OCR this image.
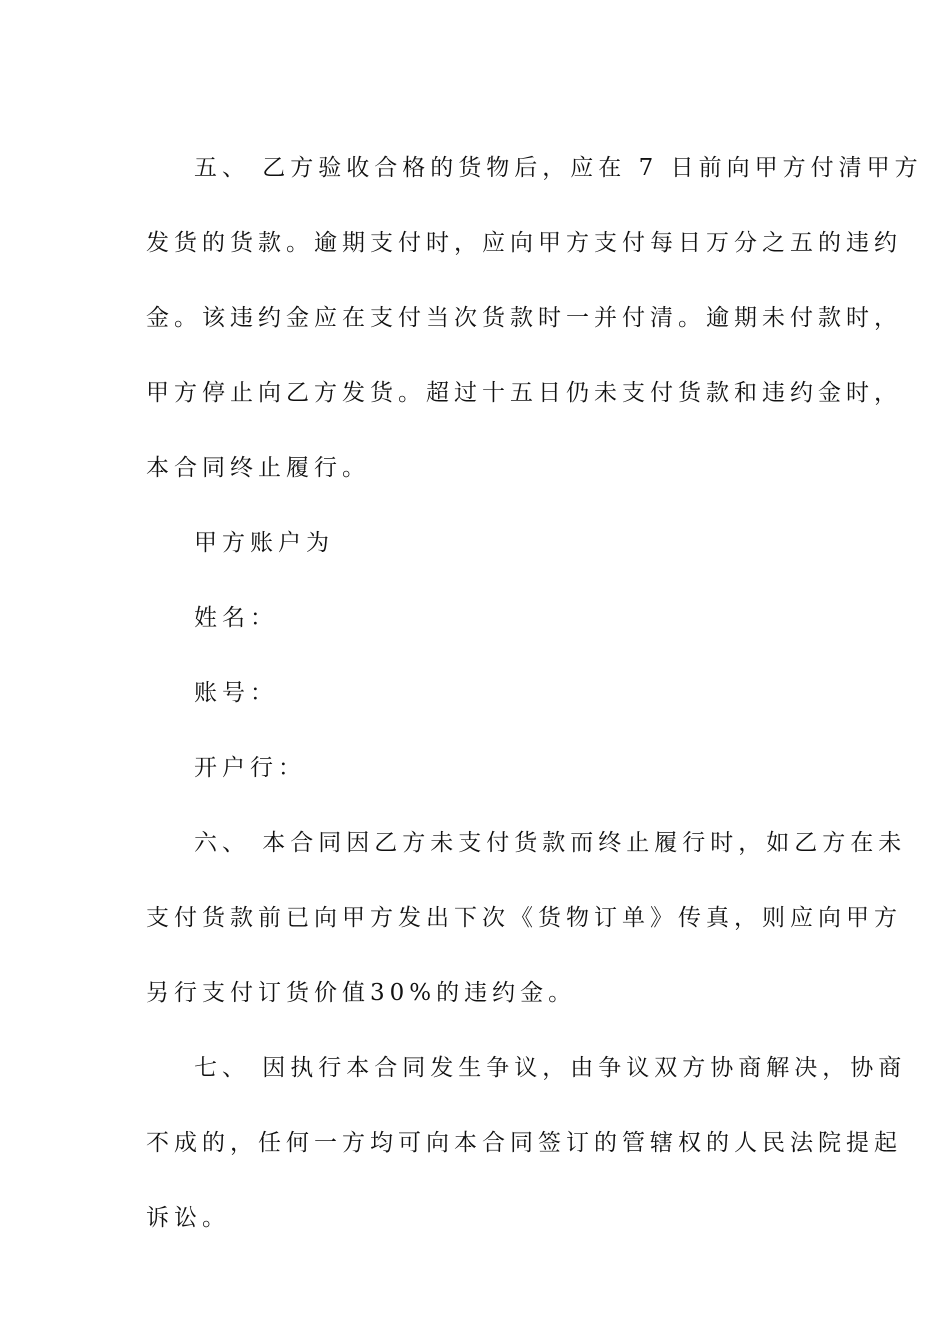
五、 乙方验收合格的货物后，应在 7 日前向甲方付清甲方
发货的货款。逾期支付时，应向甲方支付每日万分之五的违约
金。该违约金应在支付当次货款时一并付清。逾期未付款时，
甲方停止向乙方发货。超过十五日仍未支付货款和违约金时，
本合同终止履行。
甲方账户为
姓名：
账号：
开户行：
六、 本合同因乙方未支付货款而终止履行时，如乙方在未
支付货款前已向甲方发出下次《货物订单》传真，则应向甲方
另行支付订货价值30%的违约金。
七、 因执行本合同发生争议，由争议双方协商解决，协商
不成的，任何一方均可向本合同签订的管辖权的人民法院提起
诉讼。
